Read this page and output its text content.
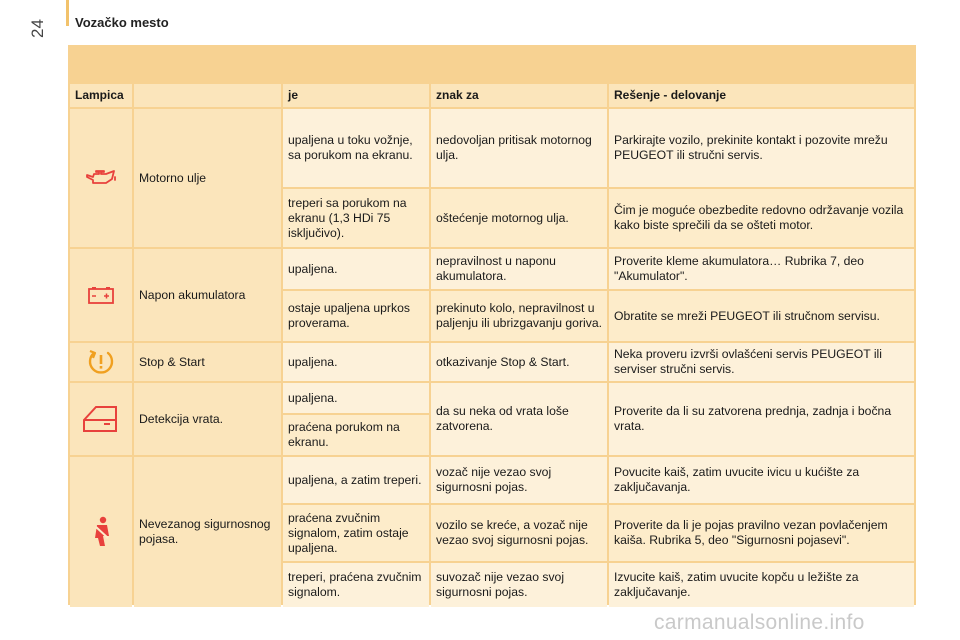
24 Vozačko mesto
Lampica		je	znak za	Rešenje - delovanje
	Motorno ulje	upaljena u toku vožnje, sa porukom na ekranu.	nedovoljan pritisak motornog ulja.	Parkirajte vozilo, prekinite kontakt i pozovite mrežu PEUGEOT ili stručni servis.
		treperi sa porukom na ekranu (1,3 HDi 75 isključivo).	oštećenje motornog ulja.	Čim je moguće obezbedite redovno održavanje vozila kako biste sprečili da se ošteti motor.
	Napon akumulatora	upaljena.	nepravilnost u naponu akumulatora.	Proverite kleme akumulatora… Rubrika 7, deo "Akumulator".
		ostaje upaljena uprkos proverama.	prekinuto kolo, nepravilnost u paljenju ili ubrizgavanju goriva.	Obratite se mreži PEUGEOT ili stručnom servisu.
	Stop & Start	upaljena.	otkazivanje Stop & Start.	Neka proveru izvrši ovlašćeni servis PEUGEOT ili serviser stručni servis.
	Detekcija vrata.	upaljena.	da su neka od vrata loše zatvorena.	Proverite da li su zatvorena prednja, zadnja i bočna vrata.
		praćena porukom na ekranu.		
	Nevezanog sigurnosnog pojasa.	upaljena, a zatim treperi.	vozač nije vezao svoj sigurnosni pojas.	Povucite kaiš, zatim uvucite ivicu u kućište za zaključavanja.
		praćena zvučnim signalom, zatim ostaje upaljena.	vozilo se kreće, a vozač nije vezao svoj sigurnosni pojas.	Proverite da li je pojas pravilno vezan povlačenjem kaiša. Rubrika 5, deo "Sigurnosni pojasevi".
		treperi, praćena zvučnim signalom.	suvozač nije vezao svoj sigurnosni pojas.	Izvucite kaiš, zatim uvucite kopču u ležište za zaključavanje.
carmanualsonline.info
